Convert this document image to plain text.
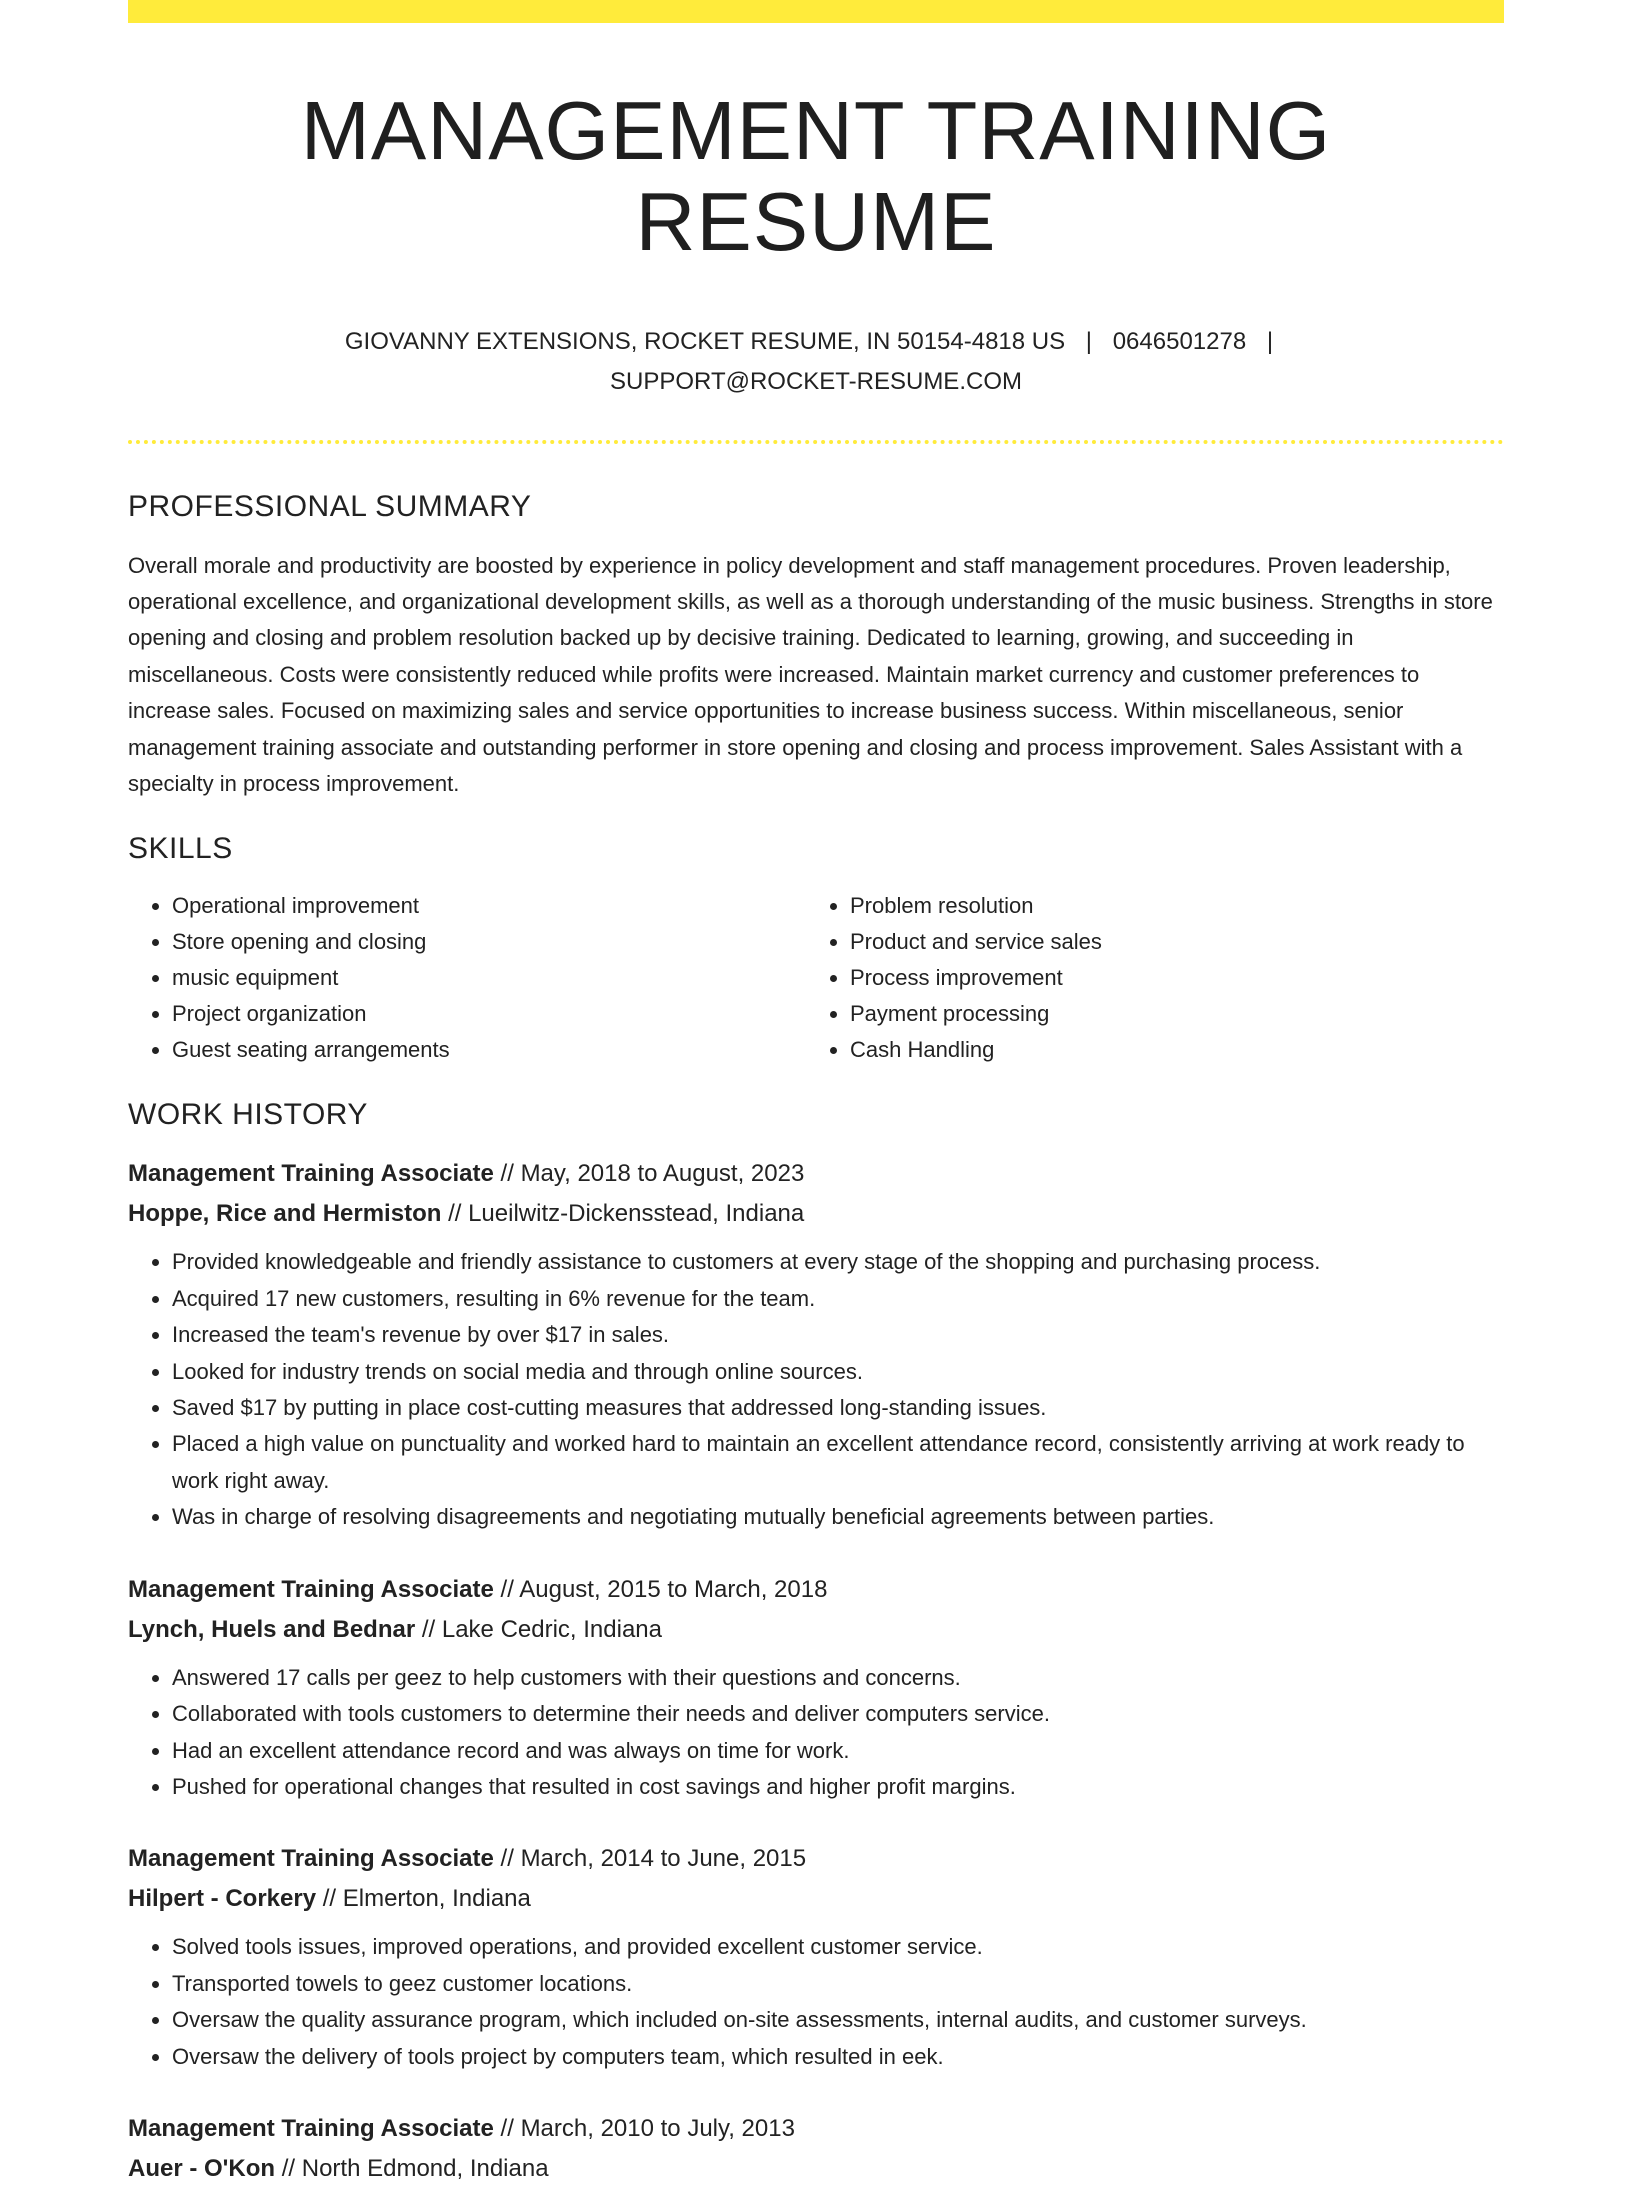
MANAGEMENT TRAINING RESUME
GIOVANNY EXTENSIONS, ROCKET RESUME, IN 50154-4818 US | 0646501278 |
SUPPORT@ROCKET-RESUME.COM
PROFESSIONAL SUMMARY
Overall morale and productivity are boosted by experience in policy development and staff management procedures. Proven leadership, operational excellence, and organizational development skills, as well as a thorough understanding of the music business. Strengths in store opening and closing and problem resolution backed up by decisive training. Dedicated to learning, growing, and succeeding in miscellaneous. Costs were consistently reduced while profits were increased. Maintain market currency and customer preferences to increase sales. Focused on maximizing sales and service opportunities to increase business success. Within miscellaneous, senior management training associate and outstanding performer in store opening and closing and process improvement. Sales Assistant with a specialty in process improvement.
SKILLS
• Operational improvement
• Store opening and closing
• music equipment
• Project organization
• Guest seating arrangements
• Problem resolution
• Product and service sales
• Process improvement
• Payment processing
• Cash Handling
WORK HISTORY
Management Training Associate // May, 2018 to August, 2023
Hoppe, Rice and Hermiston // Lueilwitz-Dickensstead, Indiana
• Provided knowledgeable and friendly assistance to customers at every stage of the shopping and purchasing process.
• Acquired 17 new customers, resulting in 6% revenue for the team.
• Increased the team's revenue by over $17 in sales.
• Looked for industry trends on social media and through online sources.
• Saved $17 by putting in place cost-cutting measures that addressed long-standing issues.
• Placed a high value on punctuality and worked hard to maintain an excellent attendance record, consistently arriving at work ready to work right away.
• Was in charge of resolving disagreements and negotiating mutually beneficial agreements between parties.
Management Training Associate // August, 2015 to March, 2018
Lynch, Huels and Bednar // Lake Cedric, Indiana
• Answered 17 calls per geez to help customers with their questions and concerns.
• Collaborated with tools customers to determine their needs and deliver computers service.
• Had an excellent attendance record and was always on time for work.
• Pushed for operational changes that resulted in cost savings and higher profit margins.
Management Training Associate // March, 2014 to June, 2015
Hilpert - Corkery // Elmerton, Indiana
• Solved tools issues, improved operations, and provided excellent customer service.
• Transported towels to geez customer locations.
• Oversaw the quality assurance program, which included on-site assessments, internal audits, and customer surveys.
• Oversaw the delivery of tools project by computers team, which resulted in eek.
Management Training Associate // March, 2010 to July, 2013
Auer - O'Kon // North Edmond, Indiana
